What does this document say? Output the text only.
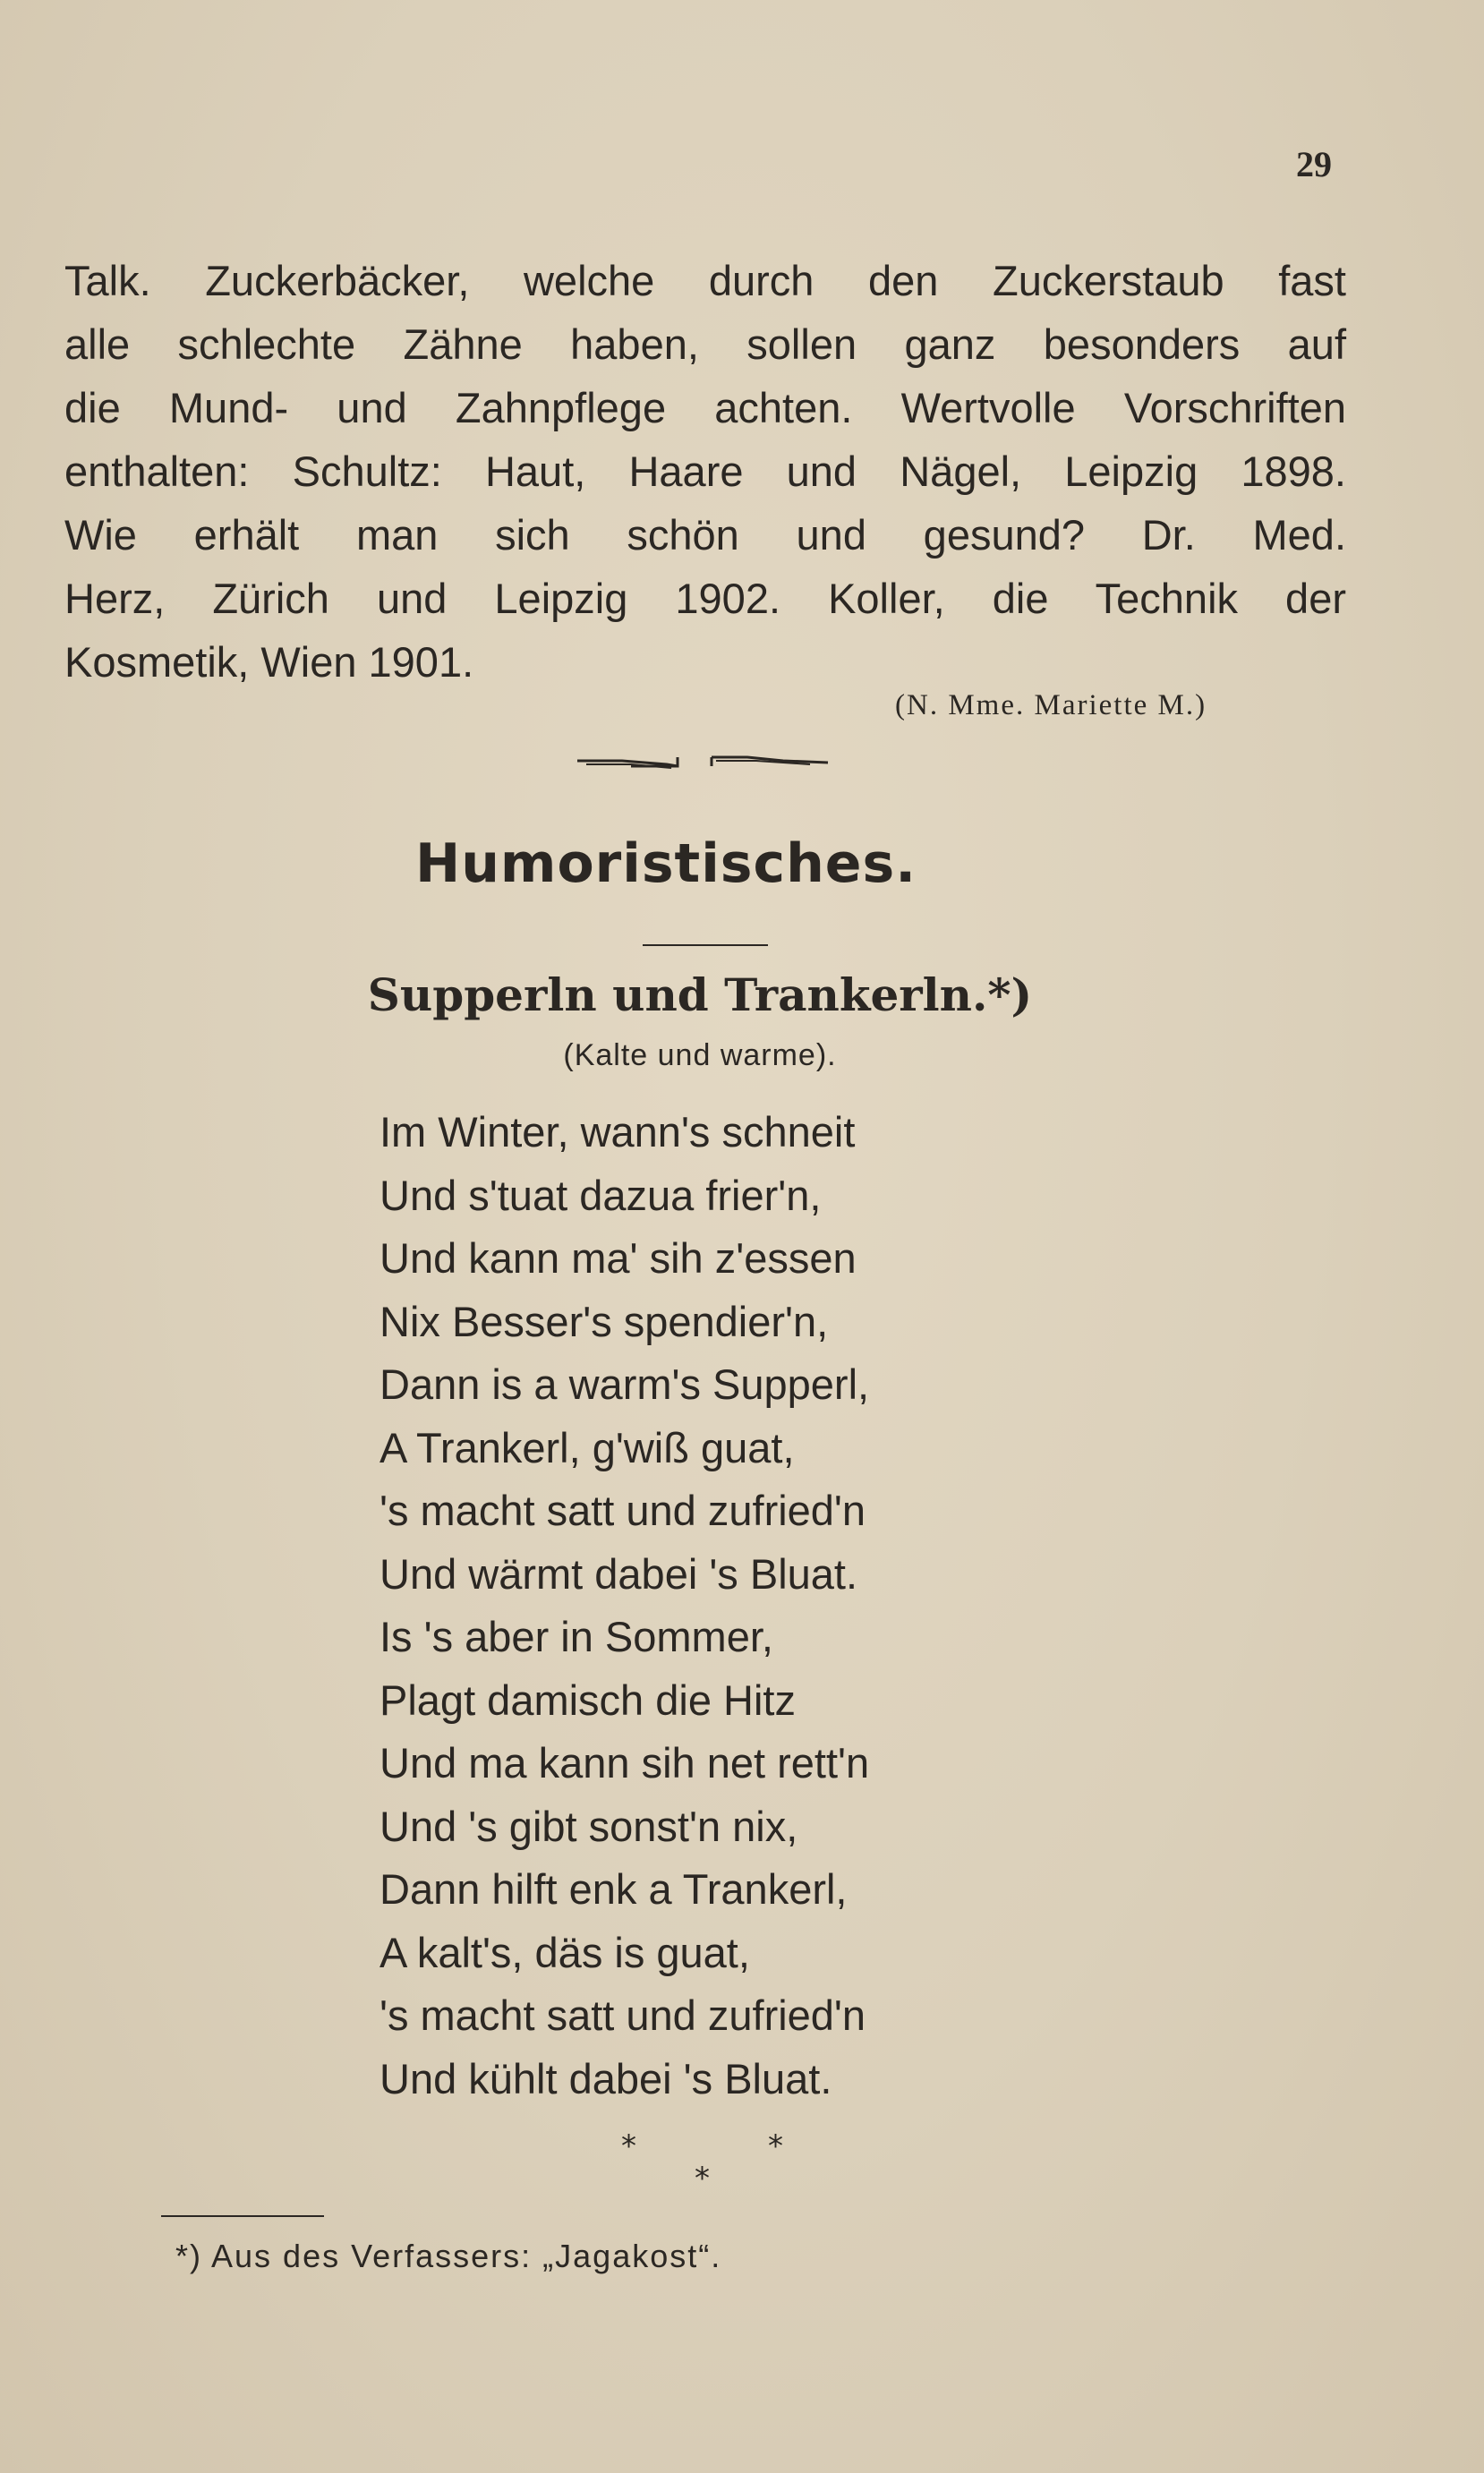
29

Talk. Zuckerbäcker, welche durch den Zuckerstaub fast
alle schlechte Zähne haben, sollen ganz besonders auf
die Mund- und Zahnpflege achten. Wertvolle Vorschriften
enthalten: Schultz: Haut, Haare und Nägel, Leipzig 1898.
Wie erhält man sich schön und gesund? Dr. Med.
Herz, Zürich und Leipzig 1902. Koller, die Technik der
Kosmetik, Wien 1901.

(N. Mme. Mariette M.)

Humoristisches.
Supperln und Trankerln.*)

(Kalte und warme).

Im Winter, wann's schneit
Und s'tuat dazua frier'n,
Und kann ma' sih z'essen
Nix Besser's spendier'n,
Dann is a warm's Supperl,
A Trankerl, g'wiß guat,
's macht satt und zufried'n
Und wärmt dabei 's Bluat.
Is 's aber in Sommer,
Plagt damisch die Hitz
Und ma kann sih net rett'n
Und 's gibt sonst'n nix,
Dann hilft enk a Trankerl,
A kalt's, däs is guat,
's macht satt und zufried'n
Und kühlt dabei 's Bluat.
*	*
*

*) Aus des Verfassers: „Jagakost“.
